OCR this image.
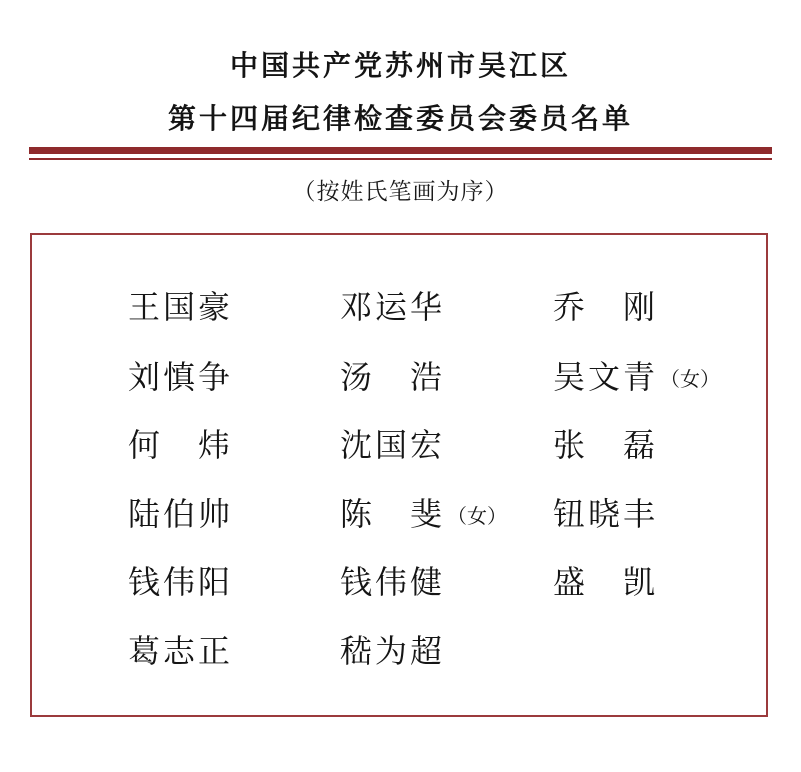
中国共产党苏州市吴江区
第十四届纪律检查委员会委员名单
（按姓氏笔画为序）
王国豪	邓运华	乔　 刚
刘慎争	汤　 浩	吴文青 （女）
何　 炜	沈国宏	张　 磊
陆伯帅	陈　 斐 （女） 钮晓丰
钱伟阳	钱伟健	盛　 凯
葛志正	嵇为超
